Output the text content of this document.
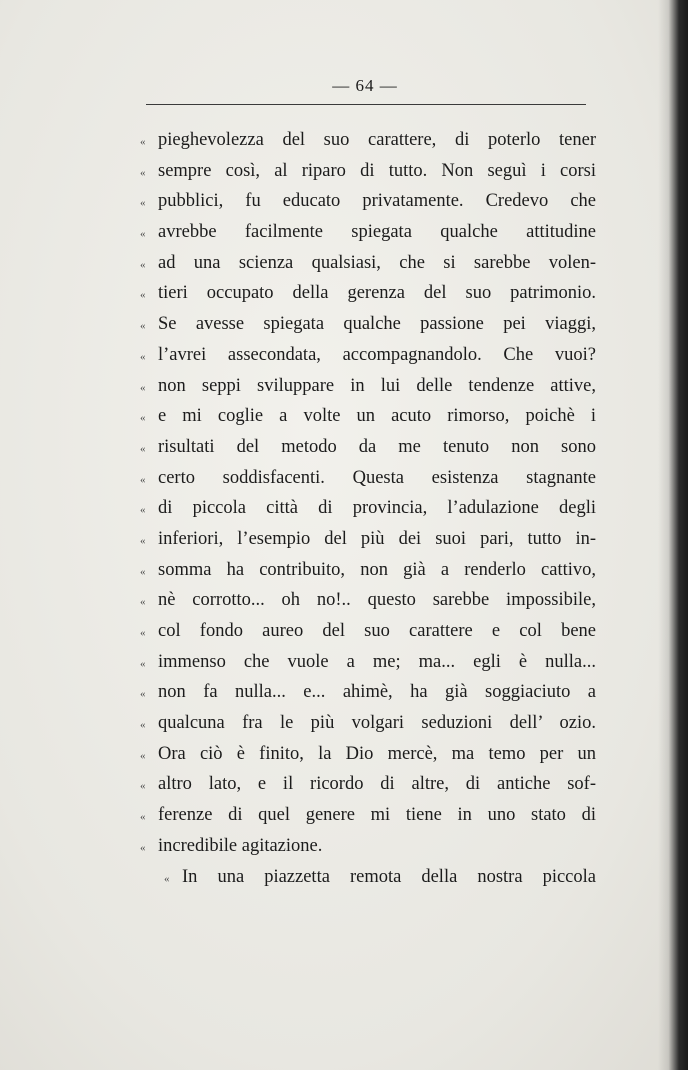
— 64 —
« pieghevolezza del suo carattere, di poterlo tener
« sempre così, al riparo di tutto. Non seguì i corsi
« pubblici, fu educato privatamente. Credevo che
« avrebbe facilmente spiegata qualche attitudine
« ad una scienza qualsiasi, che si sarebbe volen-
« tieri occupato della gerenza del suo patrimonio.
« Se avesse spiegata qualche passione pei viaggi,
« l’avrei assecondata, accompagnandolo. Che vuoi?
« non seppi sviluppare in lui delle tendenze attive,
« e mi coglie a volte un acuto rimorso, poichè i
« risultati del metodo da me tenuto non sono
« certo soddisfacenti. Questa esistenza stagnante
« di piccola città di provincia, l’adulazione degli
« inferiori, l’esempio del più dei suoi pari, tutto in-
« somma ha contribuito, non già a renderlo cattivo,
« nè corrotto... oh no!.. questo sarebbe impossibile,
« col fondo aureo del suo carattere e col bene
« immenso che vuole a me; ma... egli è nulla...
« non fa nulla... e... ahimè, ha già soggiaciuto a
« qualcuna fra le più volgari seduzioni dell’ ozio.
« Ora ciò è finito, la Dio mercè, ma temo per un
« altro lato, e il ricordo di altre, di antiche sof-
« ferenze di quel genere mi tiene in uno stato di
« incredibile agitazione.
« In una piazzetta remota della nostra piccola
